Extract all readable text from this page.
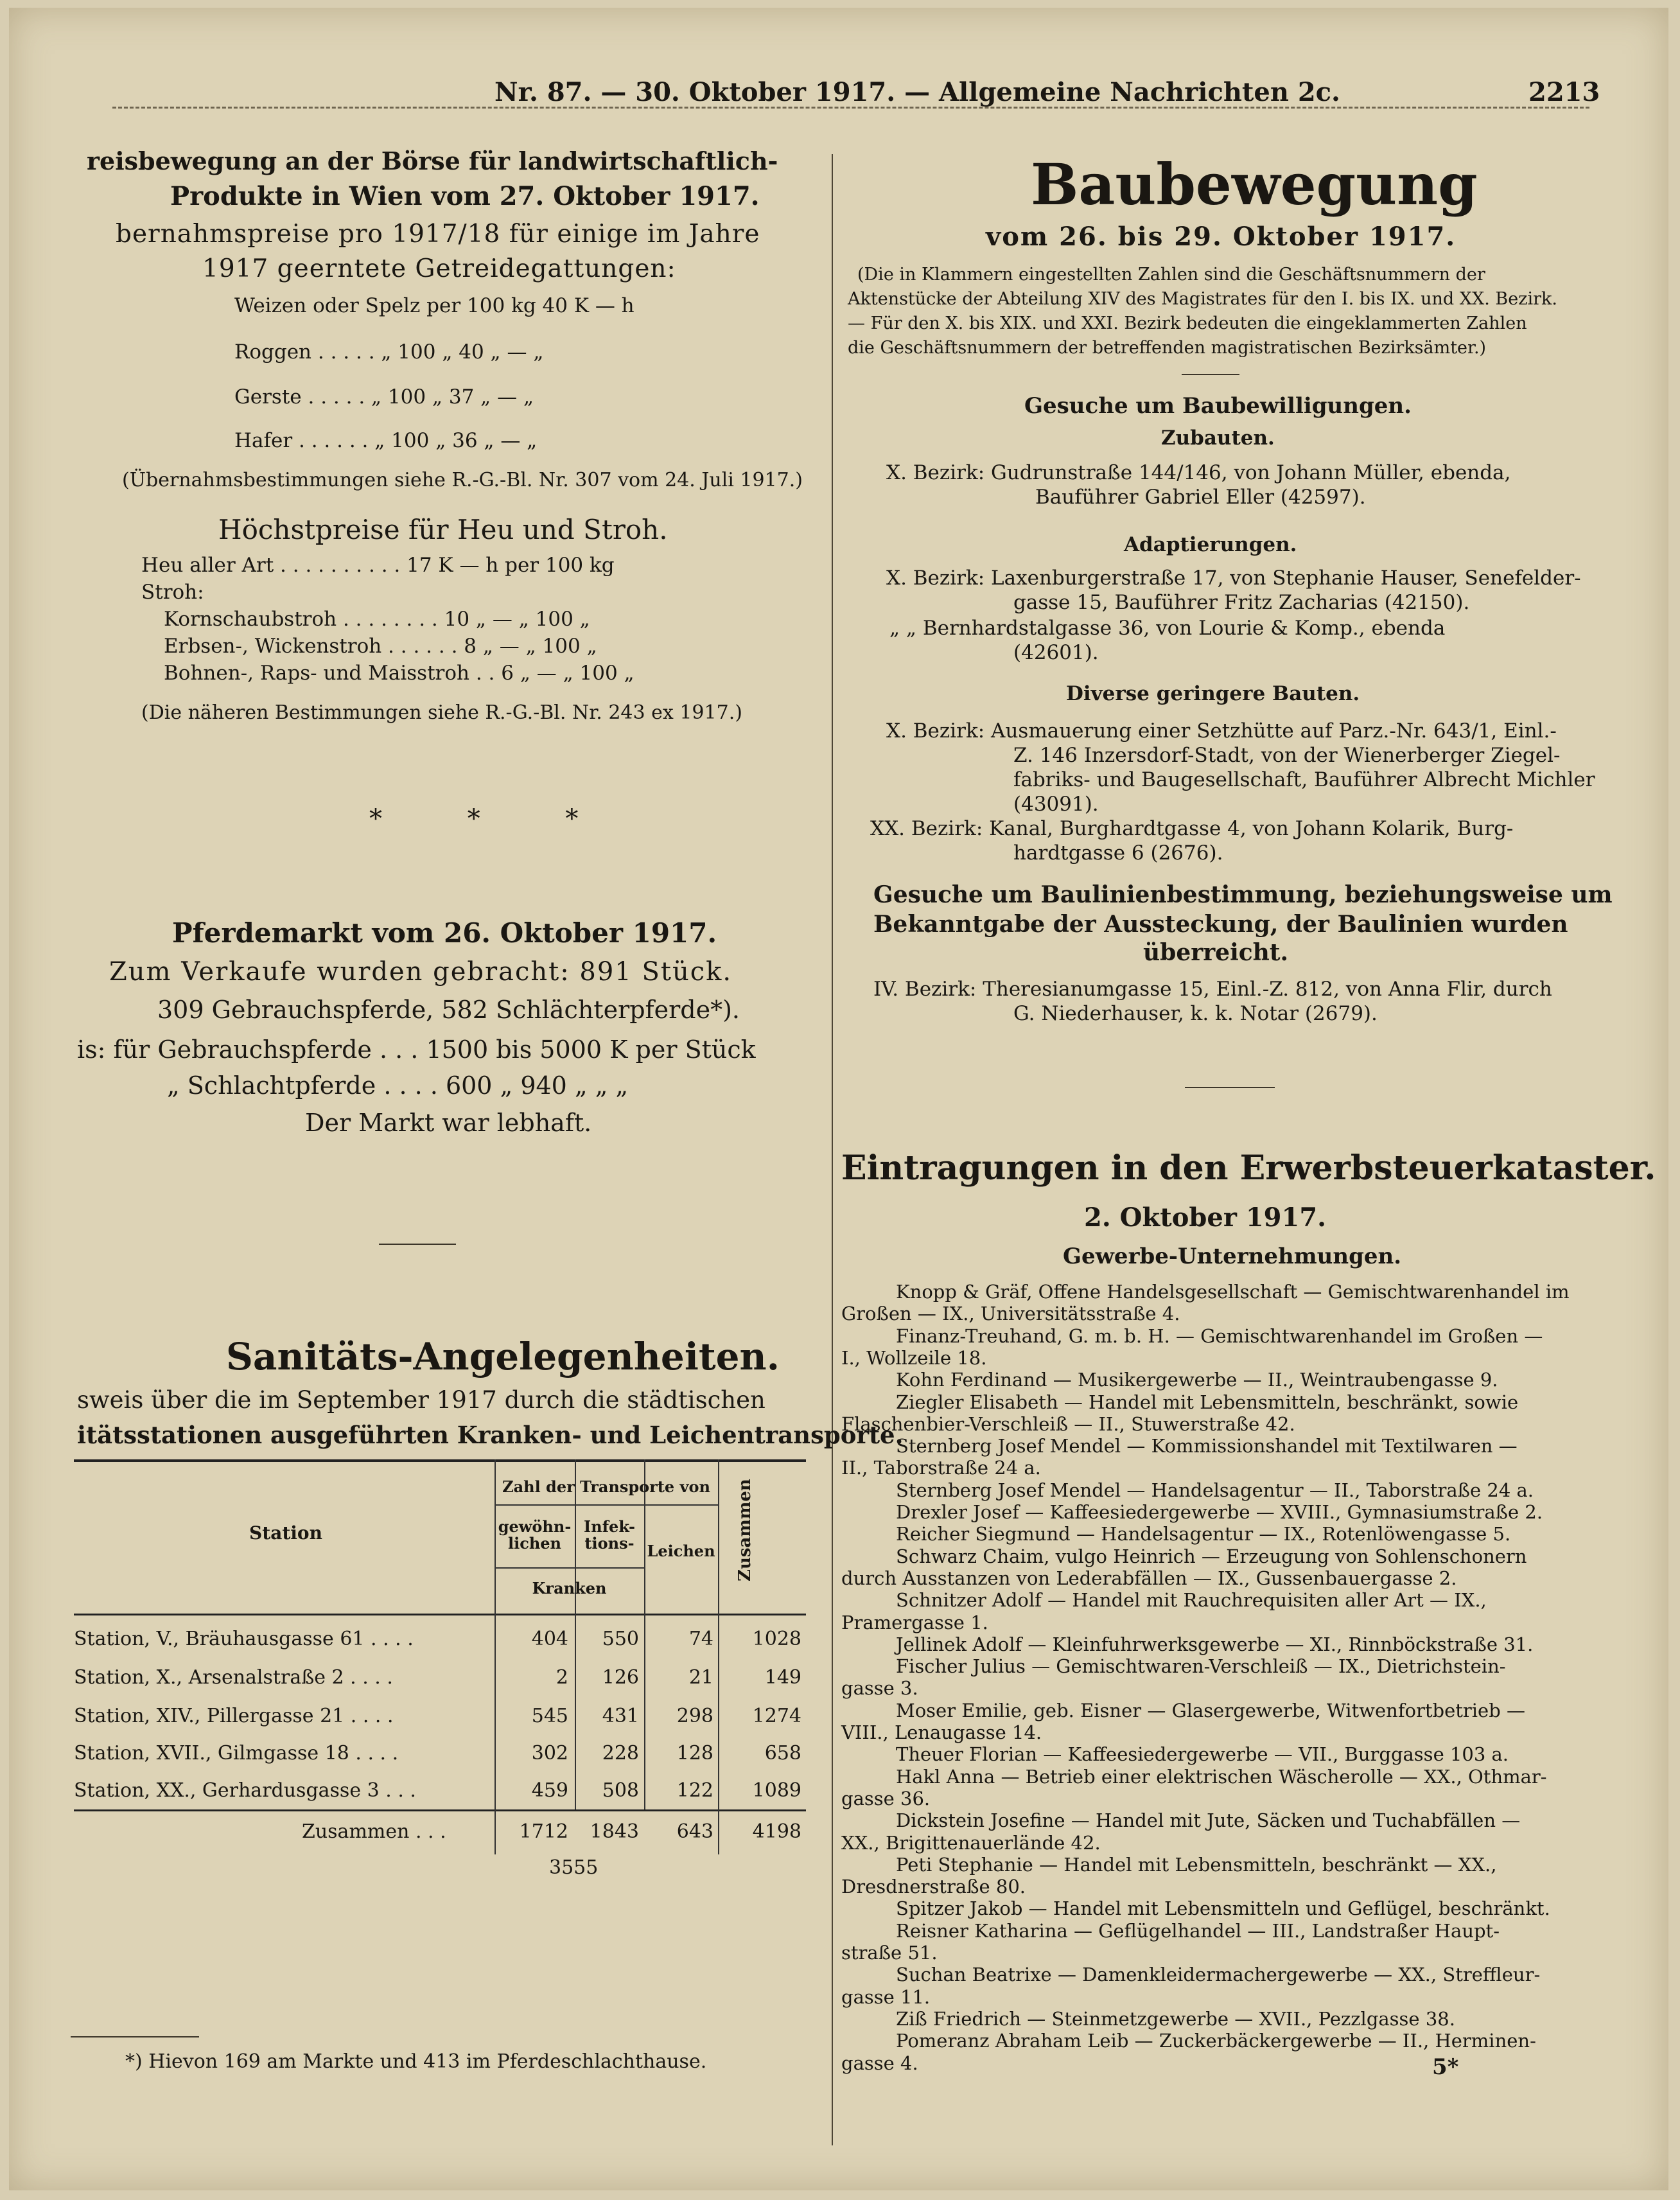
Nr. 87. — 30. Oktober 1917. — Allgemeine Nachrichten 2c.	2213
reisbewegung an der Börse für landwirtschaftlich-
Produkte in Wien vom 27. Oktober 1917.
bernahmspreise pro 1917/18 für einige im Jahre
1917 geerntete Getreidegattungen:
Weizen oder Spelz per 100 kg 40 K — h
Roggen . . . . . „ 100 „ 40 „ — „
Gerste . . . . . „ 100 „ 37 „ — „
Hafer . . . . . . „ 100 „ 36 „ — „
(Übernahmsbestimmungen siehe R.-G.-Bl. Nr. 307 vom 24. Juli 1917.)
Höchstpreise für Heu und Stroh.
Heu aller Art . . . . . . . . . . 17 K — h per 100 kg
Stroh:
Kornschaubstroh . . . . . . . . 10 „ — „ 100 „
Erbsen-, Wickenstroh . . . . . . 8 „ — „ 100 „
Bohnen-, Raps- und Maisstroh . . 6 „ — „ 100 „
(Die näheren Bestimmungen siehe R.-G.-Bl. Nr. 243 ex 1917.)
* * *
Pferdemarkt vom 26. Oktober 1917.
Zum Verkaufe wurden gebracht: 891 Stück.
309 Gebrauchspferde, 582 Schlächterpferde*).
is: für Gebrauchspferde . . . 1500 bis 5000 K per Stück
„ Schlachtpferde . . . . 600 „ 940 „ „ „
Der Markt war lebhaft.
Sanitäts-Angelegenheiten.
sweis über die im September 1917 durch die städtischen
itätsstationen ausgeführten Kranken- und Leichentransporte.
Station
Zahl der Transporte von
gewöhn-lichen
Infek-tions-
Kranken
Leichen Zusammen
Station, V., Bräuhausgasse 61 . . . .	404	550	74	1028
Station, X., Arsenalstraße 2 . . . .	2	126	21	149
Station, XIV., Pillergasse 21 . . . .	545	431	298	1274
Station, XVII., Gilmgasse 18 . . . .	302	228	128	658
Station, XX., Gerhardusgasse 3 . . .	459	508	122	1089
Zusammen . . .	1712	1843	643	4198
3555
*) Hievon 169 am Markte und 413 im Pferdeschlachthause.
Baubewegung
vom 26. bis 29. Oktober 1917.
(Die in Klammern eingestellten Zahlen sind die Geschäftsnummern der
Aktenstücke der Abteilung XIV des Magistrates für den I. bis IX. und XX. Bezirk.
— Für den X. bis XIX. und XXI. Bezirk bedeuten die eingeklammerten Zahlen
die Geschäftsnummern der betreffenden magistratischen Bezirksämter.)
Gesuche um Baubewilligungen.
Zubauten.
X. Bezirk: Gudrunstraße 144/146, von Johann Müller, ebenda,
Bauführer Gabriel Eller (42597).
Adaptierungen.
X. Bezirk: Laxenburgerstraße 17, von Stephanie Hauser, Senefelder-
gasse 15, Bauführer Fritz Zacharias (42150).
„ „ Bernhardstalgasse 36, von Lourie & Komp., ebenda
(42601).
Diverse geringere Bauten.
X. Bezirk: Ausmauerung einer Setzhütte auf Parz.-Nr. 643/1, Einl.-
Z. 146 Inzersdorf-Stadt, von der Wienerberger Ziegel-
fabriks- und Baugesellschaft, Bauführer Albrecht Michler
(43091).
XX. Bezirk: Kanal, Burghardtgasse 4, von Johann Kolarik, Burg-
hardtgasse 6 (2676).
Gesuche um Baulinienbestimmung, beziehungsweise um
Bekanntgabe der Aussteckung, der Baulinien wurden
überreicht.
IV. Bezirk: Theresianumgasse 15, Einl.-Z. 812, von Anna Flir, durch
G. Niederhauser, k. k. Notar (2679).
Eintragungen in den Erwerbsteuerkataster.
2. Oktober 1917.
Gewerbe-Unternehmungen.
Knopp & Gräf, Offene Handelsgesellschaft — Gemischtwarenhandel im
Großen — IX., Universitätsstraße 4.
Finanz-Treuhand, G. m. b. H. — Gemischtwarenhandel im Großen —
I., Wollzeile 18.
Kohn Ferdinand — Musikergewerbe — II., Weintraubengasse 9.
Ziegler Elisabeth — Handel mit Lebensmitteln, beschränkt, sowie
Flaschenbier-Verschleiß — II., Stuwerstraße 42.
Sternberg Josef Mendel — Kommissionshandel mit Textilwaren —
II., Taborstraße 24 a.
Sternberg Josef Mendel — Handelsagentur — II., Taborstraße 24 a.
Drexler Josef — Kaffeesiedergewerbe — XVIII., Gymnasiumstraße 2.
Reicher Siegmund — Handelsagentur — IX., Rotenlöwengasse 5.
Schwarz Chaim, vulgo Heinrich — Erzeugung von Sohlenschonern
durch Ausstanzen von Lederabfällen — IX., Gussenbauergasse 2.
Schnitzer Adolf — Handel mit Rauchrequisiten aller Art — IX.,
Pramergasse 1.
Jellinek Adolf — Kleinfuhrwerksgewerbe — XI., Rinnböckstraße 31.
Fischer Julius — Gemischtwaren-Verschleiß — IX., Dietrichstein-
gasse 3.
Moser Emilie, geb. Eisner — Glasergewerbe, Witwenfortbetrieb —
VIII., Lenaugasse 14.
Theuer Florian — Kaffeesiedergewerbe — VII., Burggasse 103 a.
Hakl Anna — Betrieb einer elektrischen Wäscherolle — XX., Othmar-
gasse 36.
Dickstein Josefine — Handel mit Jute, Säcken und Tuchabfällen —
XX., Brigittenauerlände 42.
Peti Stephanie — Handel mit Lebensmitteln, beschränkt — XX.,
Dresdnerstraße 80.
Spitzer Jakob — Handel mit Lebensmitteln und Geflügel, beschränkt.
Reisner Katharina — Geflügelhandel — III., Landstraßer Haupt-
straße 51.
Suchan Beatrixe — Damenkleidermachergewerbe — XX., Streffleur-
gasse 11.
Ziß Friedrich — Steinmetzgewerbe — XVII., Pezzlgasse 38.
Pomeranz Abraham Leib — Zuckerbäckergewerbe — II., Herminen-
gasse 4.	5*
